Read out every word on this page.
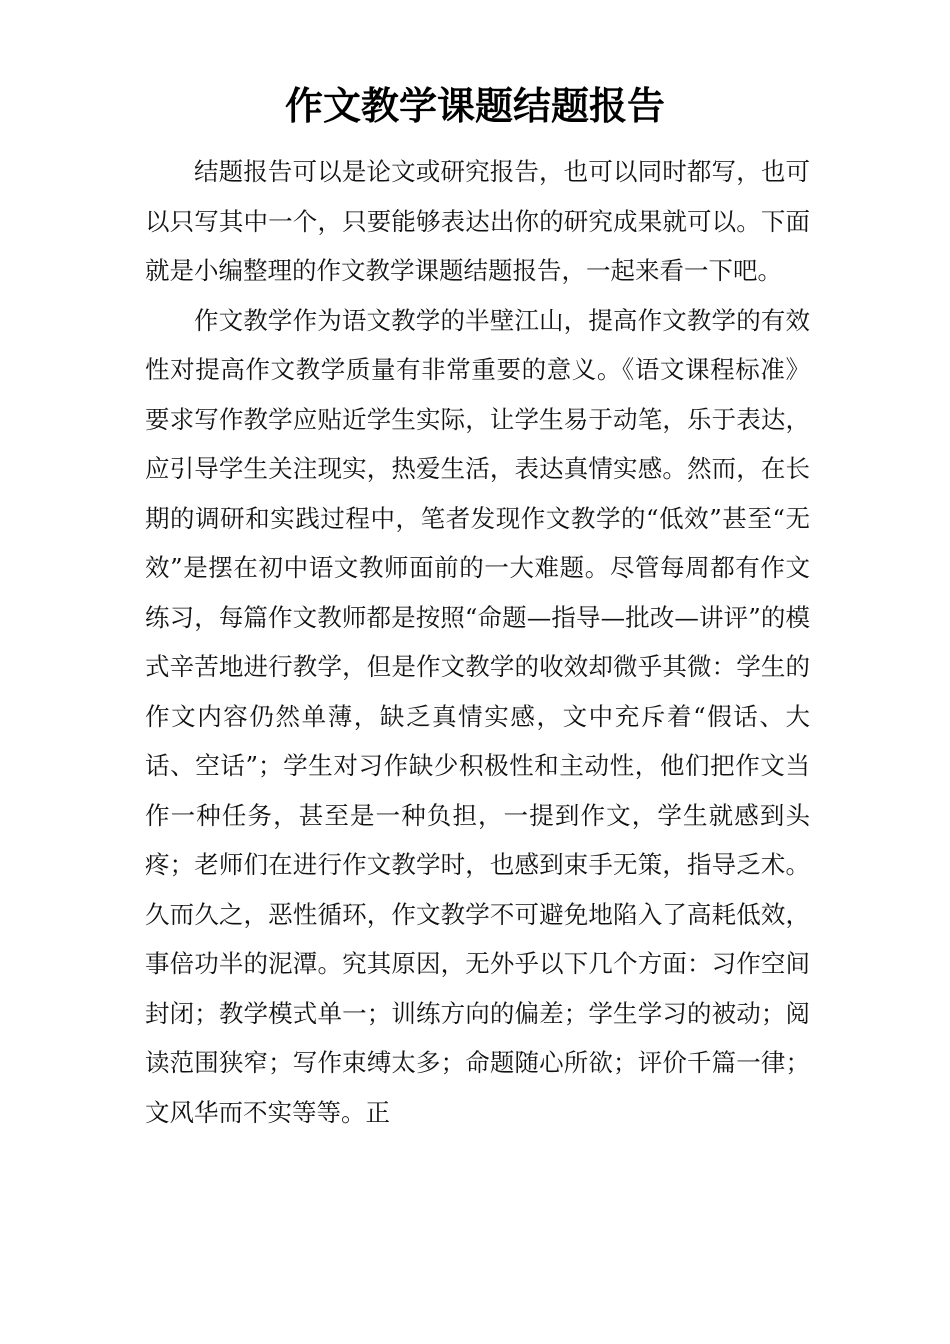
作文教学课题结题报告

结题报告可以是论文或研究报告，也可以同时都写，也可以只写其中一个，只要能够表达出你的研究成果就可以。下面就是小编整理的作文教学课题结题报告，一起来看一下吧。

作文教学作为语文教学的半壁江山，提高作文教学的有效性对提高作文教学质量有非常重要的意义。《语文课程标准》要求写作教学应贴近学生实际，让学生易于动笔，乐于表达，应引导学生关注现实，热爱生活，表达真情实感。然而，在长期的调研和实践过程中，笔者发现作文教学的“低效”甚至“无效”是摆在初中语文教师面前的一大难题。尽管每周都有作文练习，每篇作文教师都是按照“命题—指导—批改—讲评”的模式辛苦地进行教学，但是作文教学的收效却微乎其微：学生的作文内容仍然单薄，缺乏真情实感，文中充斥着“假话、大话、空话”；学生对习作缺少积极性和主动性，他们把作文当作一种任务，甚至是一种负担，一提到作文，学生就感到头疼；老师们在进行作文教学时，也感到束手无策，指导乏术。久而久之，恶性循环，作文教学不可避免地陷入了高耗低效，事倍功半的泥潭。究其原因，无外乎以下几个方面：习作空间封闭；教学模式单一；训练方向的偏差；学生学习的被动；阅读范围狭窄；写作束缚太多；命题随心所欲；评价千篇一律；文风华而不实等等。正
